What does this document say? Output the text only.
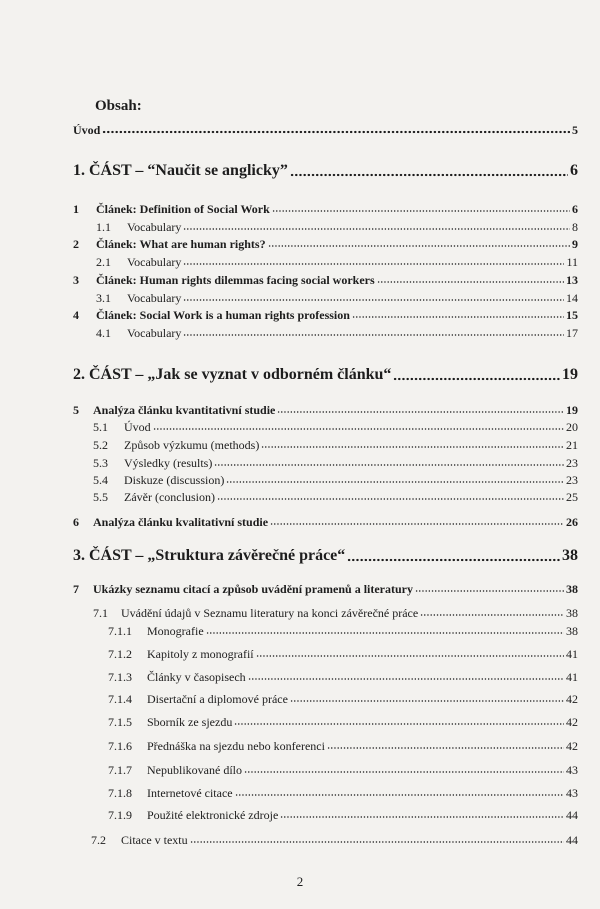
Obsah:
Úvod	5
1. ČÁST – “Naučit se anglicky”	6
1	Článek: Definition of Social Work	6
1.1	Vocabulary	8
2	Článek: What are human rights?	9
2.1	Vocabulary	11
3	Článek: Human rights dilemmas facing social workers	13
3.1	Vocabulary	14
4	Článek: Social Work is a human rights profession	15
4.1	Vocabulary	17
2. ČÁST – „Jak se vyznat v odborném článku“	19
5	Analýza článku kvantitativní studie	19
5.1	Úvod	20
5.2	Způsob výzkumu (methods)	21
5.3	Výsledky (results)	23
5.4	Diskuze (discussion)	23
5.5	Závěr (conclusion)	25
6	Analýza článku kvalitativní studie	26
3. ČÁST – „Struktura závěrečné práce“	38
7	Ukázky seznamu citací a způsob uvádění pramenů a literatury	38
7.1	Uvádění údajů v Seznamu literatury na konci závěrečné práce	38
7.1.1	Monografie	38
7.1.2	Kapitoly z monografií	41
7.1.3	Články v časopisech	41
7.1.4	Disertační a diplomové práce	42
7.1.5	Sborník ze sjezdu	42
7.1.6	Přednáška na sjezdu nebo konferenci	42
7.1.7	Nepublikované dílo	43
7.1.8	Internetové citace	43
7.1.9	Použité elektronické zdroje	44
7.2	Citace v textu	44
2
